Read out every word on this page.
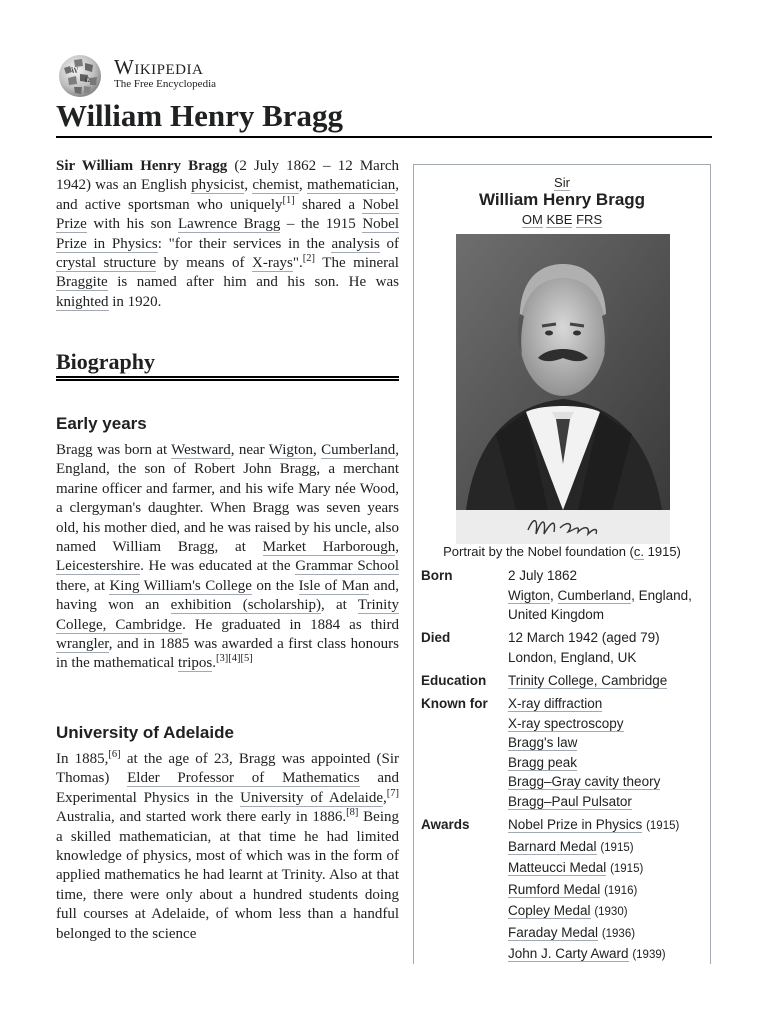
W
Ω
Wikipedia
The Free Encyclopedia
William Henry Bragg

Sir William Henry Bragg (2 July 1862 – 12 March 1942) was an English physicist, chemist, mathematician, and active sportsman who uniquely[1] shared a Nobel Prize with his son Lawrence Bragg – the 1915 Nobel Prize in Physics: "for their services in the analysis of crystal structure by means of X-rays".[2] The mineral Braggite is named after him and his son. He was knighted in 1920.

Biography
Early years

Bragg was born at Westward, near Wigton, Cumberland, England, the son of Robert John Bragg, a merchant marine officer and farmer, and his wife Mary née Wood, a clergyman's daughter. When Bragg was seven years old, his mother died, and he was raised by his uncle, also named William Bragg, at Market Harborough, Leicestershire. He was educated at the Grammar School there, at King William's College on the Isle of Man and, having won an exhibition (scholarship), at Trinity College, Cambridge. He graduated in 1884 as third wrangler, and in 1885 was awarded a first class honours in the mathematical tripos.[3][4][5]

University of Adelaide

In 1885,[6] at the age of 23, Bragg was appointed (Sir Thomas) Elder Professor of Mathematics and Experimental Physics in the University of Adelaide,[7] Australia, and started work there early in 1886.[8] Being a skilled mathematician, at that time he had limited knowledge of physics, most of which was in the form of applied mathematics he had learnt at Trinity. Also at that time, there were only about a hundred students doing full courses at Adelaide, of whom less than a handful belonged to the science

Sir
William Henry Bragg
OM KBE FRS
Portrait by the Nobel foundation (c. 1915)
Born	2 July 1862
Wigton, Cumberland, England,
United Kingdom
Died	12 March 1942 (aged 79)
London, England, UK
Education Trinity College, Cambridge
Known for X-ray diffraction
X-ray spectroscopy
Bragg's law
Bragg peak
Bragg–Gray cavity theory
Bragg–Paul Pulsator
Awards	Nobel Prize in Physics (1915)
Barnard Medal (1915)
Matteucci Medal (1915)
Rumford Medal (1916)
Copley Medal (1930)
Faraday Medal (1936)
John J. Carty Award (1939)
